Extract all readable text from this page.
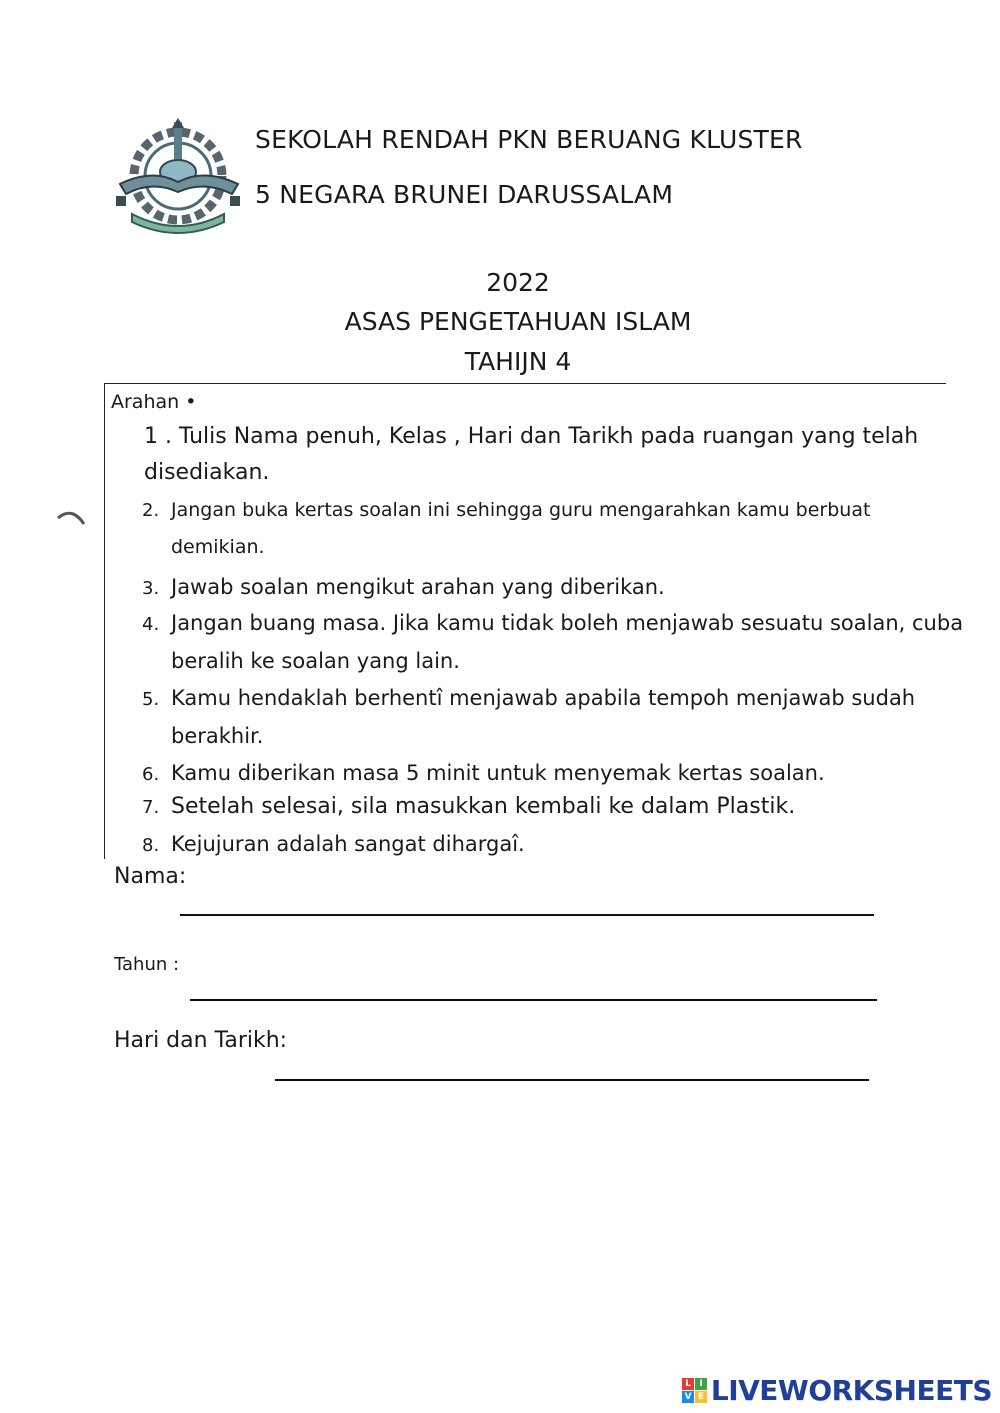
SEKOLAH RENDAH PKN BERUANG KLUSTER
5 NEGARA BRUNEI DARUSSALAM
2022
ASAS PENGETAHUAN ISLAM
TAHIJN 4
Arahan •
1 . Tulis Nama penuh, Kelas , Hari dan Tarikh pada ruangan yang telah
disediakan.
2. Jangan buka kertas soalan ini sehingga guru mengarahkan kamu berbuat
demikian.
3. Jawab soalan mengikut arahan yang diberikan.
4. Jangan buang masa. Jika kamu tidak boleh menjawab sesuatu soalan, cuba
beralih ke soalan yang lain.
5. Kamu hendaklah berhentî menjawab apabila tempoh menjawab sudah
berakhir.
6. Kamu diberikan masa 5 minit untuk menyemak kertas soalan.
7. Setelah selesai, sila masukkan kembali ke dalam Plastik.
8. Kejujuran adalah sangat dihargaî.
Nama:
Tahun :
Hari dan Tarikh:
L I
V E LIVEWORKSHEETS
